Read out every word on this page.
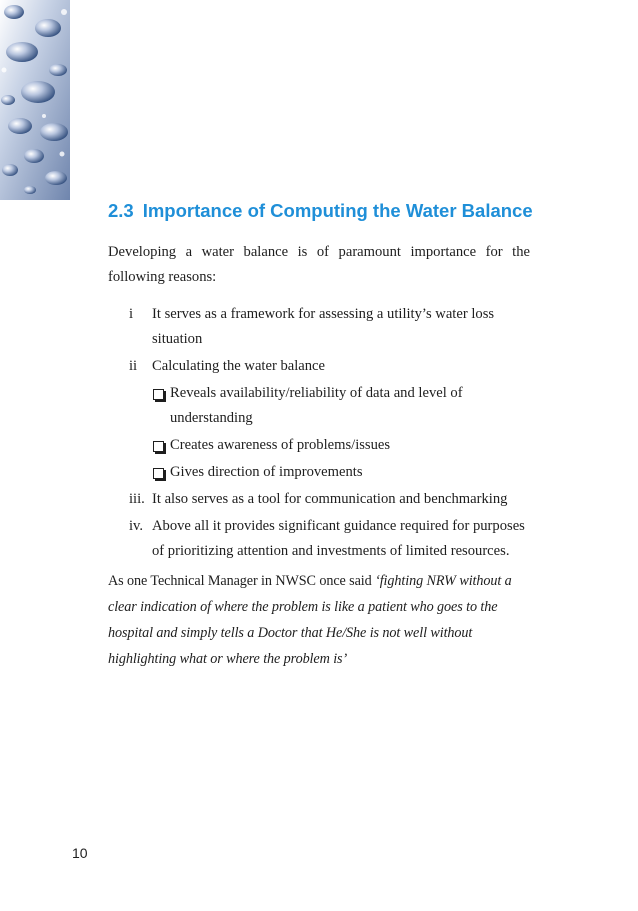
2.3 Importance of Computing the Water Balance

Developing a water balance is of paramount importance for the
following reasons:

i It serves as a framework for assessing a utility’s water loss situation
ii Calculating the water balance
Reveals availability/reliability of data and level of understanding
Creates awareness of problems/issues
Gives direction of improvements
iii. It also serves as a tool for communication and benchmarking
iv. Above all it provides significant guidance required for purposes of prioritizing attention and investments of limited resources.

As one Technical Manager in NWSC once said ‘fighting NRW without a clear indication of where the problem is like a patient who goes to the hospital and simply tells a Doctor that He/She is not well without highlighting what or where the problem is’

10
